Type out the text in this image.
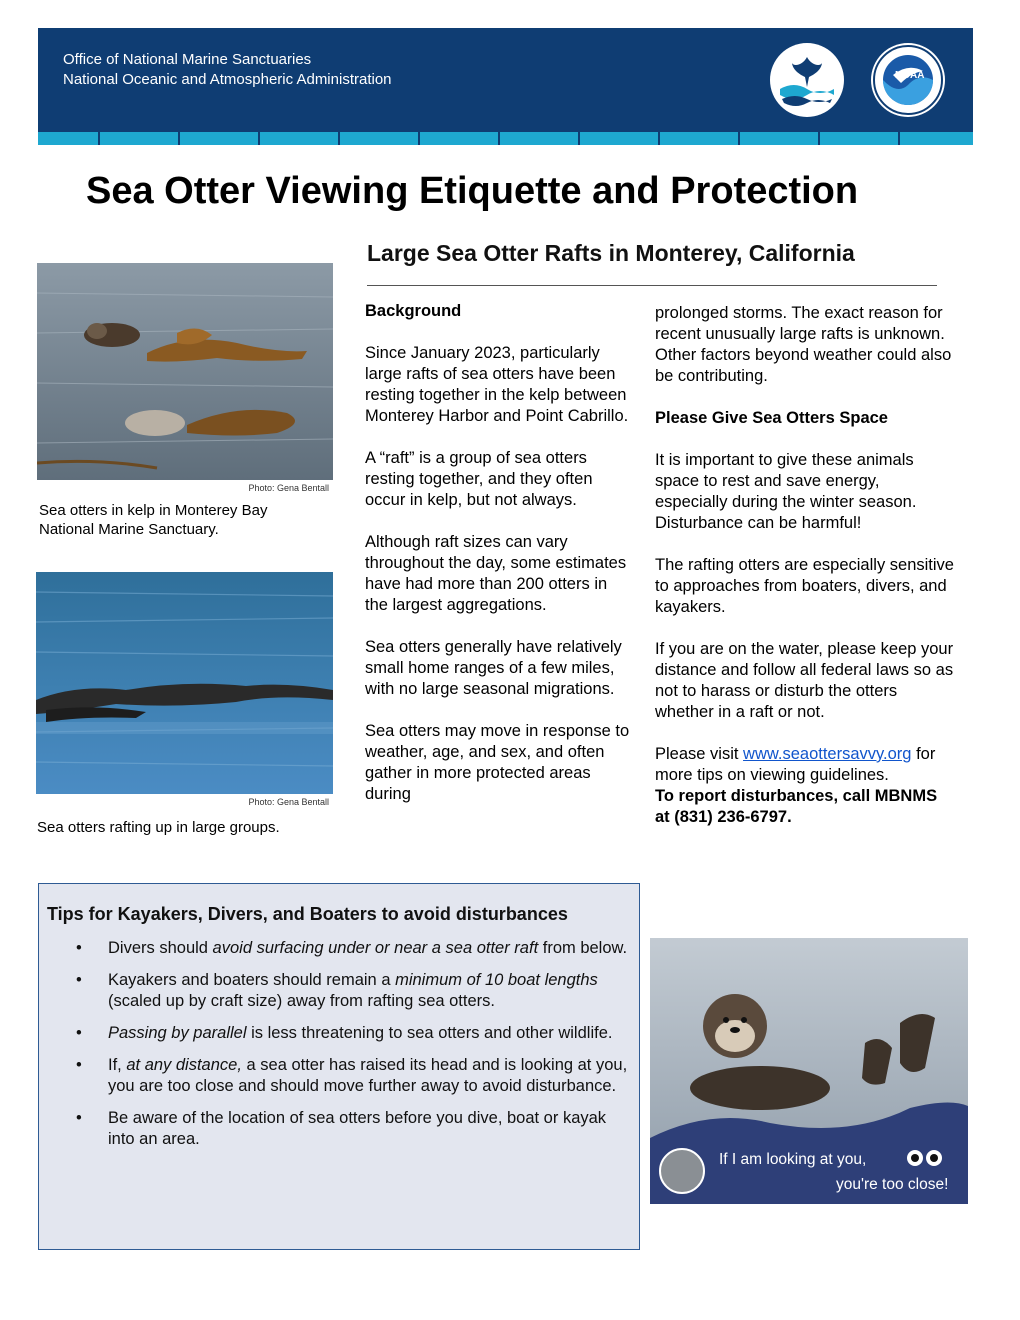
Office of National Marine Sanctuaries
National Oceanic and Atmospheric Administration	NOAA
Sea Otter Viewing Etiquette and Protection
Large Sea Otter Rafts in Monterey, California
Photo: Gena Bentall
Sea otters in kelp in Monterey Bay
National Marine Sanctuary.
Photo: Gena Bentall
Sea otters rafting up in large groups.

Background

Since January 2023, particularly large rafts of sea otters have been resting together in the kelp between Monterey Harbor and Point Cabrillo.

A “raft” is a group of sea otters resting together, and they often occur in kelp, but not always.

Although raft sizes can vary throughout the day, some estimates have had more than 200 otters in the largest aggregations.

Sea otters generally have relatively small home ranges of a few miles, with no large seasonal migrations.

Sea otters may move in response to weather, age, and sex, and often gather in more protected areas during

prolonged storms. The exact reason for recent unusually large rafts is unknown. Other factors beyond weather could also be contributing.

Please Give Sea Otters Space

It is important to give these animals space to rest and save energy, especially during the winter season. Disturbance can be harmful!

The rafting otters are especially sensitive to approaches from boaters, divers, and kayakers.

If you are on the water, please keep your distance and follow all federal laws so as not to harass or disturb the otters whether in a raft or not.

Please visit www.seaottersavvy.org for more tips on viewing guidelines.
To report disturbances, call MBNMS at (831) 236-6797.

Tips for Kayakers, Divers, and Boaters to avoid disturbances
• Divers should avoid surfacing under or near a sea otter raft from below.
• Kayakers and boaters should remain a minimum of 10 boat lengths (scaled up by craft size) away from rafting sea otters.
• Passing by parallel is less threatening to sea otters and other wildlife.
• If, at any distance, a sea otter has raised its head and is looking at you, you are too close and should move further away to avoid disturbance.
• Be aware of the location of sea otters before you dive, boat or kayak into an area.
If I am looking at you,
you're too close!
